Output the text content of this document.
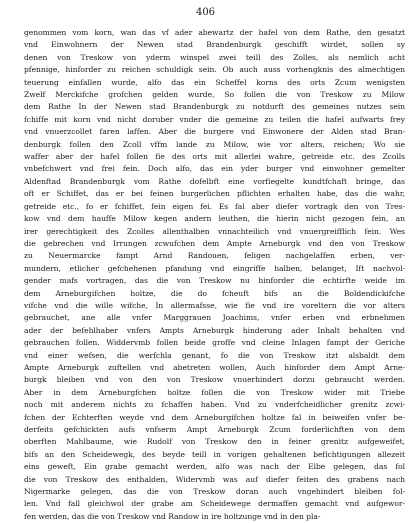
406
genommen vom korn, wan das vf ader abewartz der hafel von dem Rathe, den gesatzt
vnd Einwohnern der Newen stad Brandenburgk geschifft wirdet, sollen sy
denen von Treskow von yderm winspel zwei teill des Zolles, als nemlich acht
pfennige, hinforder zu reichen schuldigk sein. Ob auch auss vorhengknis des almechtigen
teuerung einfallen wurde, alfo das ein Scheffel korns des orts Zcum wenigsten
Zwelf Merckifche grofchen gelden wurde, So follen die von Treskow zu Milow
dem Rathe In der Newen stad Brandenburgk zu notdurft des gemeines nutzes sein
fchiffe mit korn vnd nicht doruber vnder die gemeine zu teilen die hafel aufwarts frey
vnd vnuerzcollet faren laffen. Aber die burgere vnd Einwonere der Alden stad Bran-
denburgk follen den Zcoll vffm lande zu Milow, wie vor alters, reichen; Wo sie
waffer aber der hafel follen fie des orts mit allerlei wahre, getreide etc. des Zcolls
vnbefchwert vnd frei fein. Doch alfo, das ein yder burger vnd einwohner gemelter
Aldenftad Brandenburgk vom Rathe dofelbft eine vorfiegelte kundtfchaft bringe, das
oft er Schiffet, das er bei feinen burgerlichen pflichten erhalten habe, das die wahr,
getreide etc., fo er fchiffet, fein eigen fei. Es fal aber diefer vortragk den von Tres-
kow vnd dem hauffe Milow kegen andern leuthen, die hierin nicht gezogen fein, an
irer gerechtigkeit des Zcolles allenthalben vnnachteilich vnd vnuergreifflich fein. Wes
die gebrechen vnd Irrungen zcwufchen dem Ampte Arneburgk vnd den von Treskow
zu Neuermarcke fampt Arnd Randouen, feligen nachgelaffen erben, ver-
mundern, etlicher gefchehenen pfandung vnd eingriffe halben, belanget, Ift nachvol-
gender mafs vortragen, das die von Treskow nu hinforder die echtirfte weide im
dem Arneburgifchen holtze, die do fcheuft bifs an die Boldendickifche
vifche vnd die wille wifche, In allermafsse, wie fie vnd ire voreltern die vor alters
gebrauchet, ane alle vnfer Marggrauen Joachims, vnfer erben vnd erbnehmen
ader der befehlhaber vnfers Ampts Arneburgk hinderung ader Inhalt behalten vnd
gebrauchen follen. Widdervmb follen beide groffe vnd cleine Inlagen fampt der Geriche
vnd einer wefsen, die werfchla genant, fo die von Treskow itzt alsbaldt dem
Ampte Arneburgk zuftellen vnd abetreten wollen, Auch hinforder dem Ampt Arne-
burgk bleiben vnd von den von Treskow vnuerhindert dorzu gebraucht werden.
Aber in dem Arneburgfchen holtze follen die von Treskow wider mit Triebe
noch mit anderem nichts zu fchaffen haben. Vnd zu vnderfcheidlicher grenitz zcwi-
fchen der Echterften weyde vnd dem Arneburgifchen holtze fal in beiweifen vnfer be-
derfeits gefchickten aufs vnfserm Ampt Arneburgk Zcum forderlichften von dem
oberften Mahlbaume, wie Rudolf von Treskow den in feiner grenitz aufgeweifet,
bifs an den Scheidewegk, des beyde teill in vorigen gehaltenen befichtigungen allezeit
eins geweft, Ein grabe gemacht werden, alfo was nach der Elbe gelegen, das fol
die von Treskow des enthalden, Widervmb was auf diefer feiten des grabens nach
Nigermarke gelegen, das die von Treskow doran auch vngehindert bleiben fol-
len. Vnd fall gleichwol der grabe am Scheidewege dermaffen gemacht vnd aufgewor-
fen werden, das die von Treskow vnd Randow in ire holtzunge vnd in den pla-
